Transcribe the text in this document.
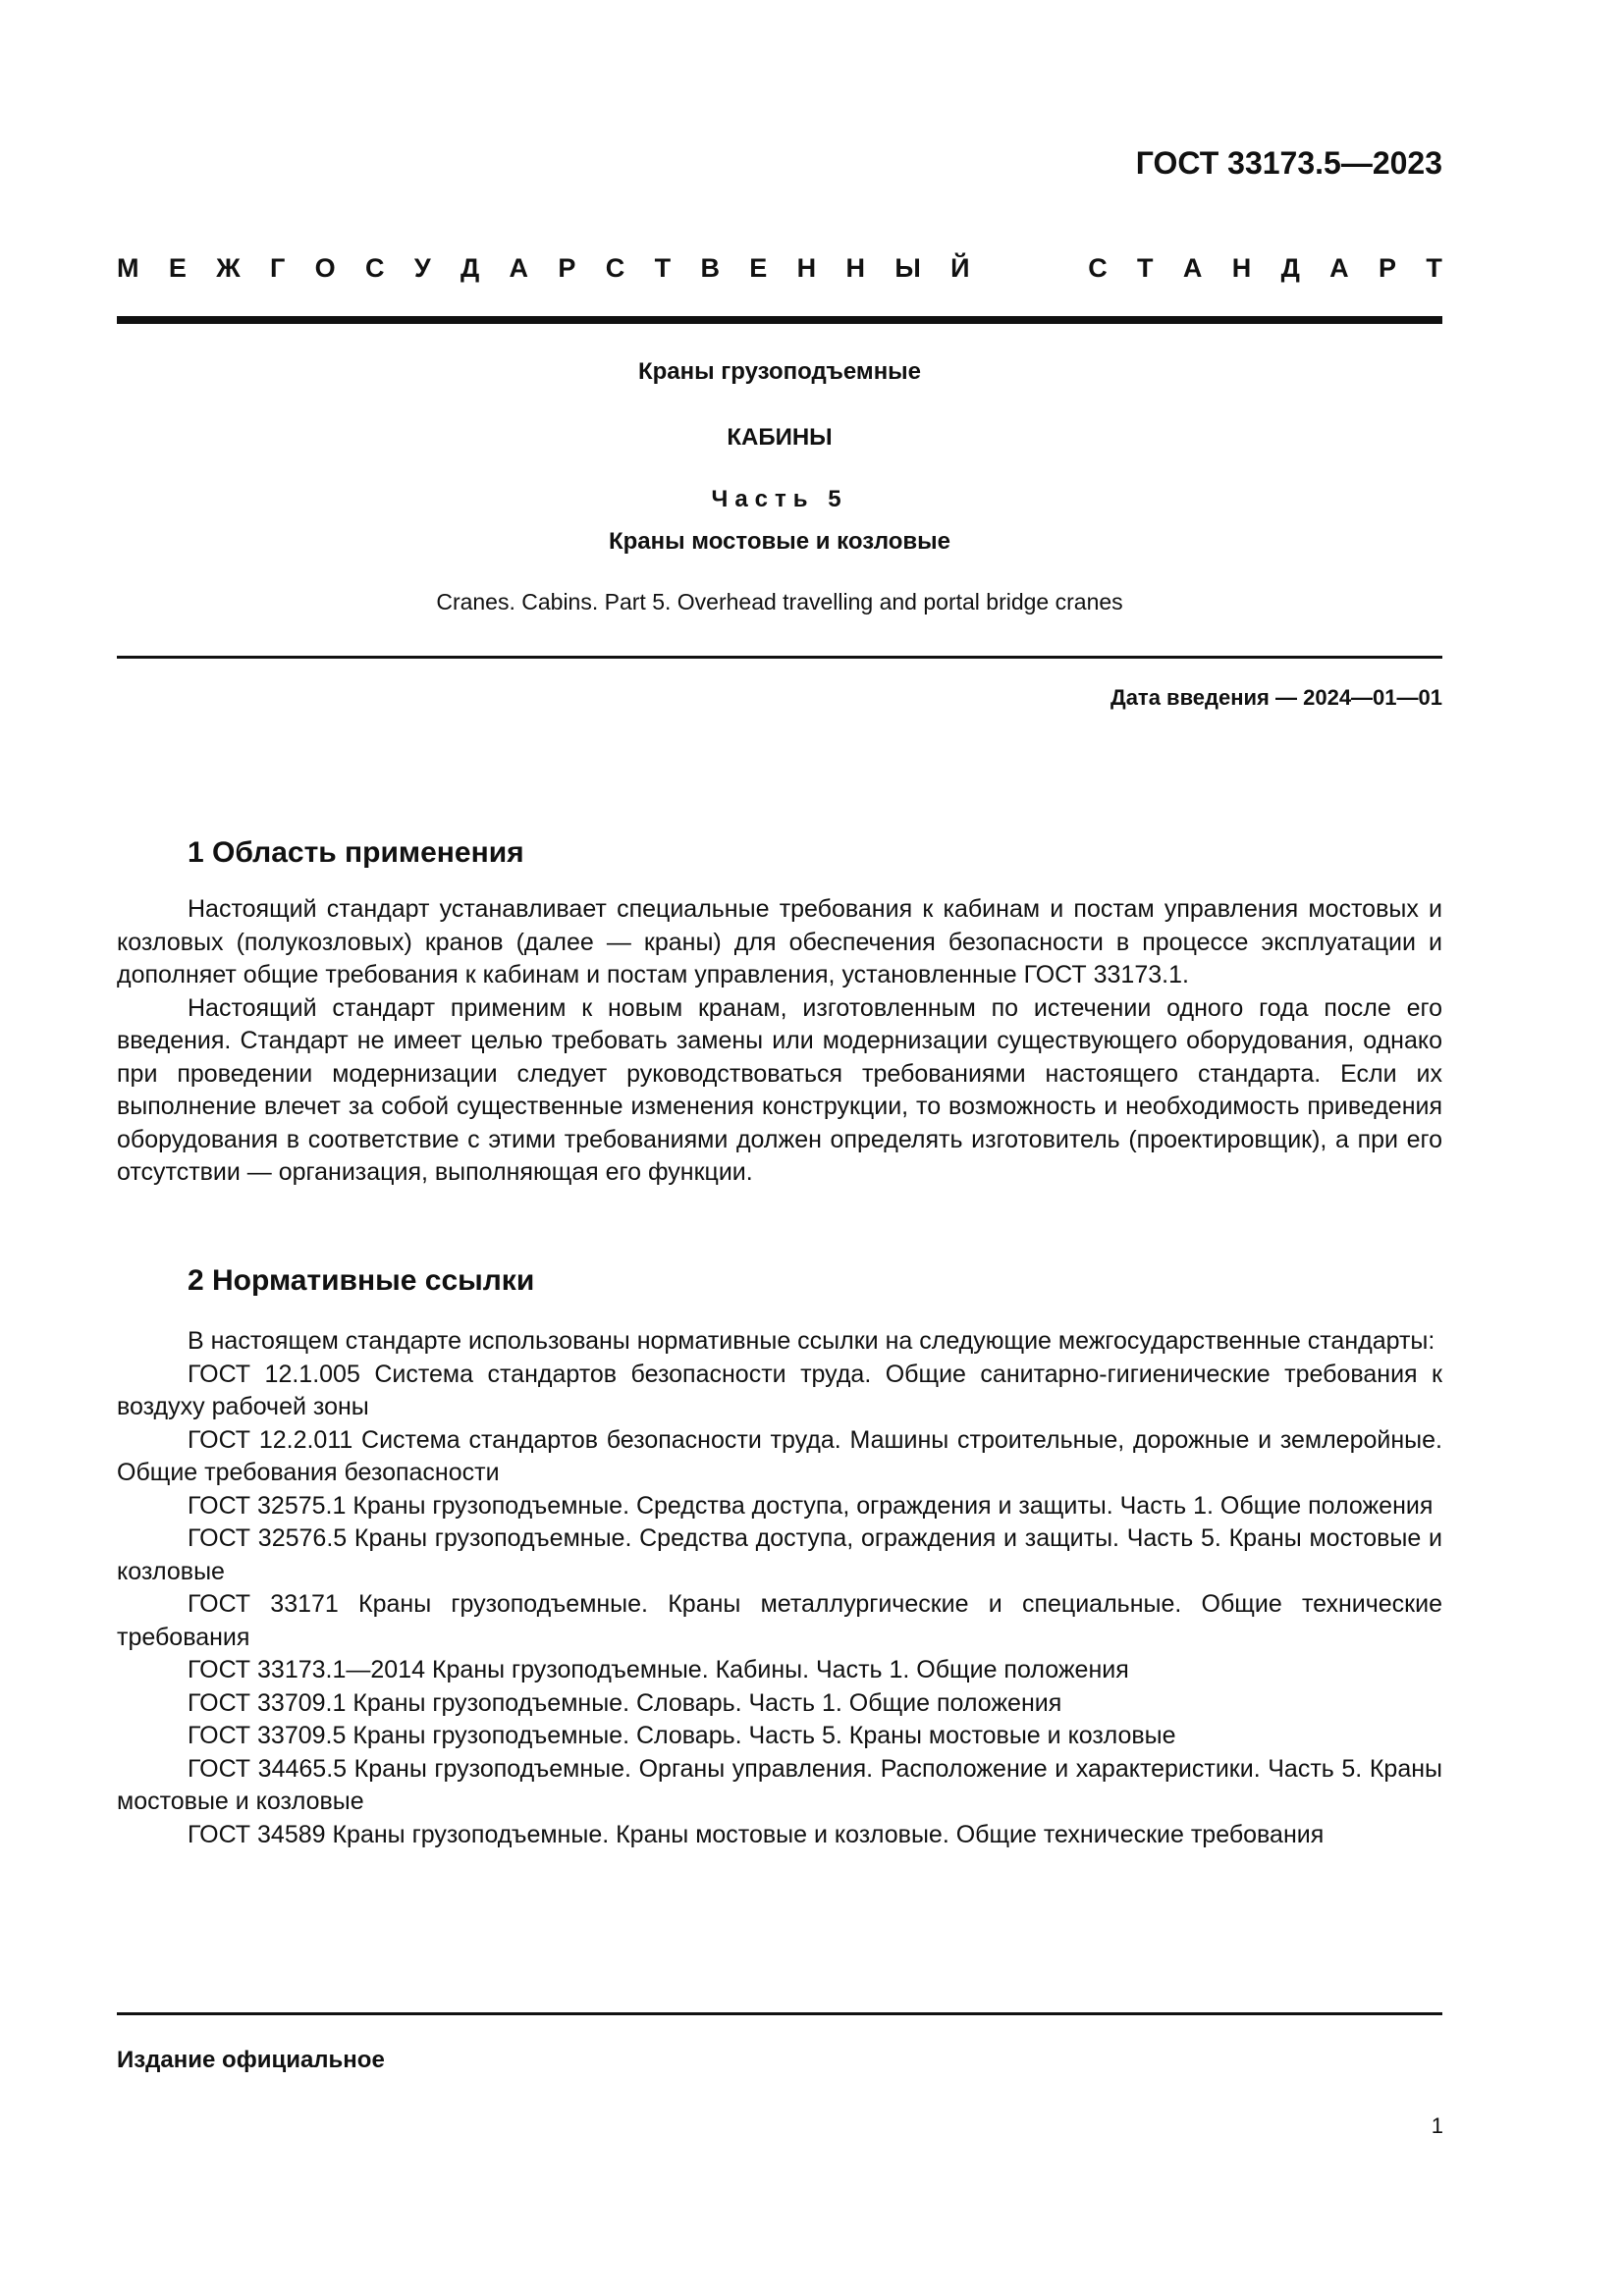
ГОСТ 33173.5—2023
М Е Ж Г О С У Д А Р С Т В Е Н Н Ы Й	С Т А Н Д А Р Т
Краны грузоподъемные
КАБИНЫ
Часть 5
Краны мостовые и козловые
Cranes. Cabins. Part 5. Overhead travelling and portal bridge cranes
Дата введения — 2024—01—01
1 Область применения

Настоящий стандарт устанавливает специальные требования к кабинам и постам управления мостовых и козловых (полукозловых) кранов (далее — краны) для обеспечения безопасности в процессе эксплуатации и дополняет общие требования к кабинам и постам управления, установленные ГОСТ 33173.1.

Настоящий стандарт применим к новым кранам, изготовленным по истечении одного года после его введения. Стандарт не имеет целью требовать замены или модернизации существующего оборудования, однако при проведении модернизации следует руководствоваться требованиями настоящего стандарта. Если их выполнение влечет за собой существенные изменения конструкции, то возможность и необходимость приведения оборудования в соответствие с этими требованиями должен определять изготовитель (проектировщик), а при его отсутствии — организация, выполняющая его функции.

2 Нормативные ссылки

В настоящем стандарте использованы нормативные ссылки на следующие межгосударственные стандарты:

ГОСТ 12.1.005 Система стандартов безопасности труда. Общие санитарно-гигиенические требования к воздуху рабочей зоны

ГОСТ 12.2.011 Система стандартов безопасности труда. Машины строительные, дорожные и землеройные. Общие требования безопасности

ГОСТ 32575.1 Краны грузоподъемные. Средства доступа, ограждения и защиты. Часть 1. Общие положения

ГОСТ 32576.5 Краны грузоподъемные. Средства доступа, ограждения и защиты. Часть 5. Краны мостовые и козловые

ГОСТ 33171 Краны грузоподъемные. Краны металлургические и специальные. Общие технические требования

ГОСТ 33173.1—2014 Краны грузоподъемные. Кабины. Часть 1. Общие положения

ГОСТ 33709.1 Краны грузоподъемные. Словарь. Часть 1. Общие положения

ГОСТ 33709.5 Краны грузоподъемные. Словарь. Часть 5. Краны мостовые и козловые

ГОСТ 34465.5 Краны грузоподъемные. Органы управления. Расположение и характеристики. Часть 5. Краны мостовые и козловые

ГОСТ 34589 Краны грузоподъемные. Краны мостовые и козловые. Общие технические требования

Издание официальное
1
